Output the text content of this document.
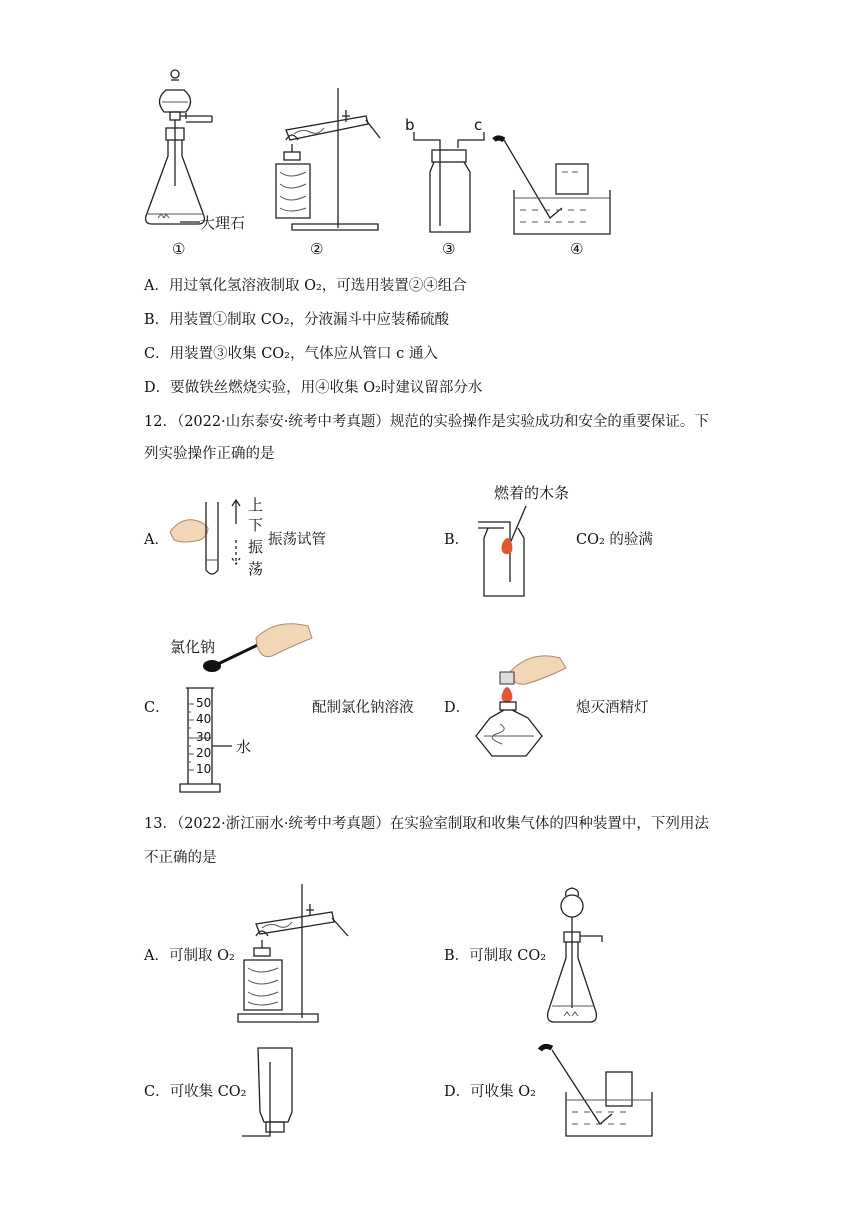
大理石
①	②
b	c
③	④
A．用过氧化氢溶液制取 O₂，可选用装置②④组合
B．用装置①制取 CO₂，分液漏斗中应装稀硫酸
C．用装置③收集 CO₂，气体应从管口 c 通入
D．要做铁丝燃烧实验，用④收集 O₂时建议留部分水
12．（2022·山东泰安·统考中考真题）规范的实验操作是实验成功和安全的重要保证。下
列实验操作正确的是
A．
上
下
振
荡
振荡试管	B．
燃着的木条
CO₂ 的验满
氯化钠
C． 50
40
30
20
10
水
配制氯化钠溶液 D．	熄灭酒精灯
13．（2022·浙江丽水·统考中考真题）在实验室制取和收集气体的四种装置中，下列用法
不正确的是
A．可制取 O₂	B．可制取 CO₂
C．可收集 CO₂	D．可收集 O₂
